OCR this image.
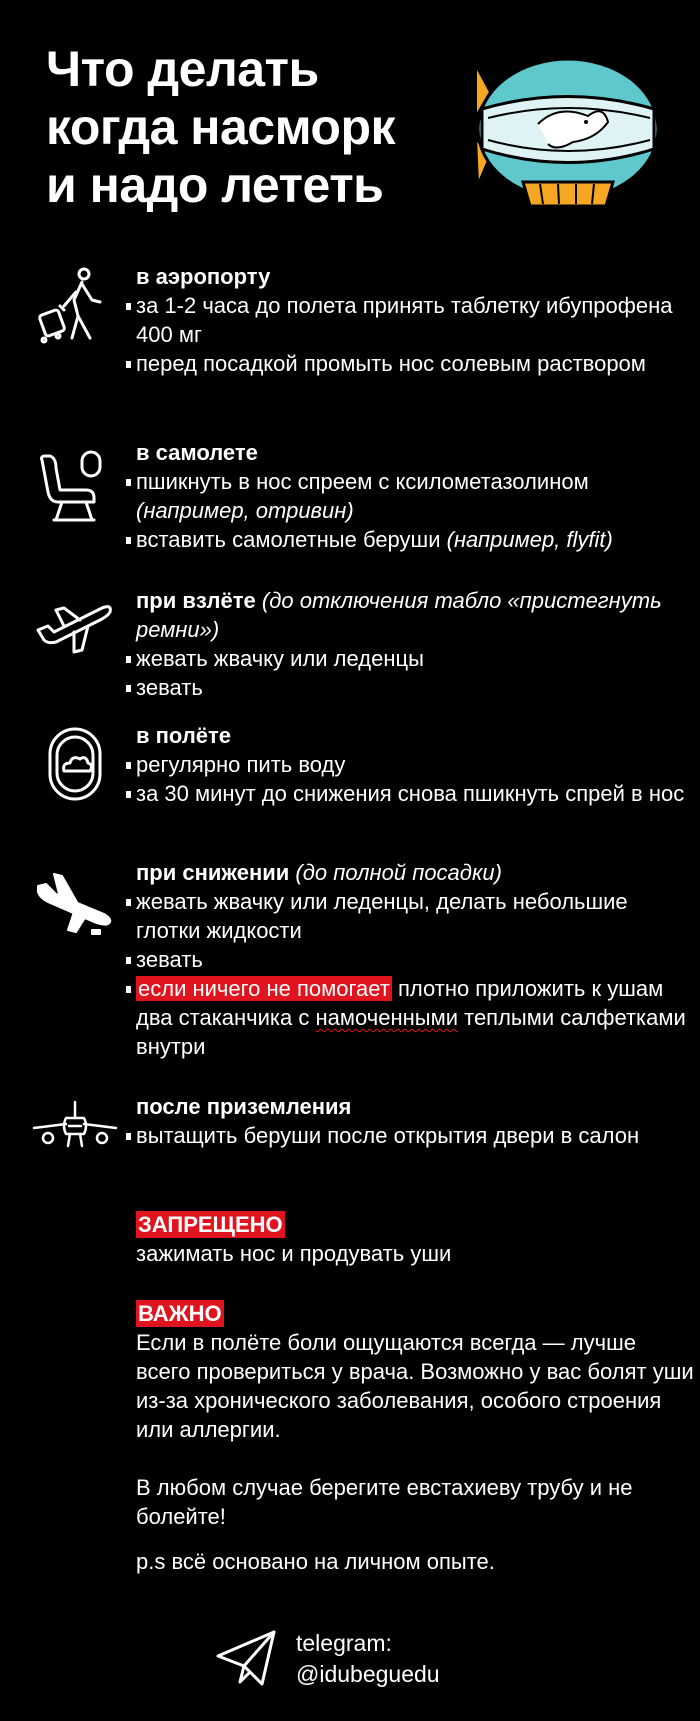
Что делать
когда насморк
и надо лететь
в аэропорту
за 1-2 часа до полета принять таблетку ибупрофена 400 мг
перед посадкой промыть нос солевым раствором
в самолете
пшикнуть в нос спреем с ксилометазолином
(например, отривин)
вставить самолетные беруши (например, flyfit)
при взлёте (до отключения табло «пристегнуть ремни»)
жевать жвачку или леденцы
зевать
в полёте
регулярно пить воду
за 30 минут до снижения снова пшикнуть спрей в нос
при снижении (до полной посадки)
жевать жвачку или леденцы, делать небольшие глотки жидкости
зевать
если ничего не помогает плотно приложить к ушам два стаканчика с намоченными теплыми салфетками внутри
после приземления
вытащить беруши после открытия двери в салон
ЗАПРЕЩЕНО
зажимать нос и продувать уши
ВАЖНО
Если в полёте боли ощущаются всегда — лучше всего провериться у врача. Возможно у вас болят уши из-за хронического заболевания, особого строения или аллергии.
В любом случае берегите евстахиеву трубу и не болейте!
p.s всё основано на личном опыте.
telegram:
@idubeguedu
